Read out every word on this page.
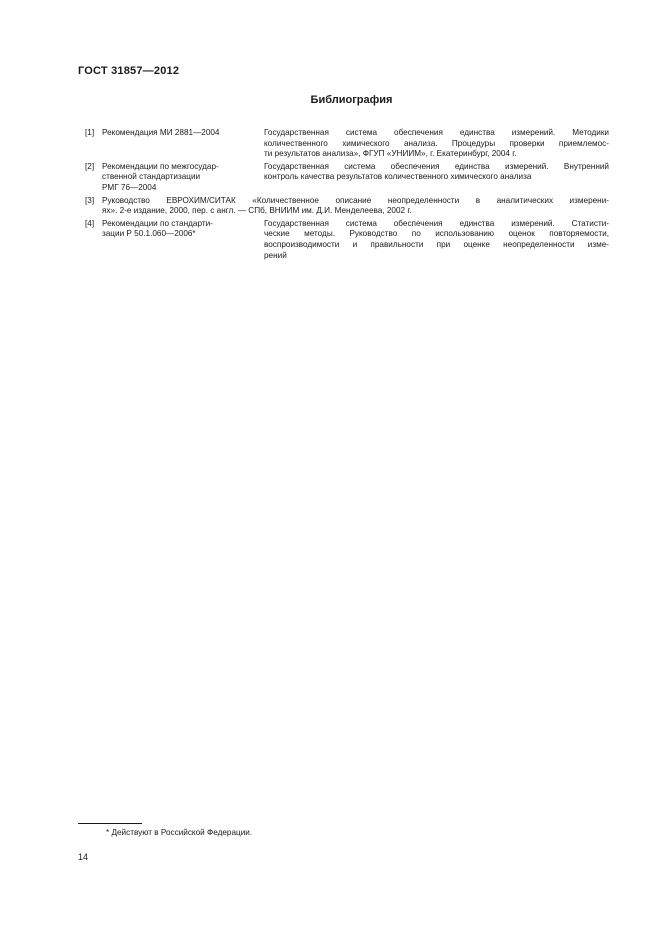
ГОСТ 31857—2012
Библиография
[1] Рекомендация МИ 2881—2004	Государственная система обеспечения единства измерений. Методики
количественного химического анализа. Процедуры проверки приемлемос-
ти результатов анализа», ФГУП «УНИИМ», г. Екатеринбург, 2004 г.
[2] Рекомендации по межгосудар-
ственной стандартизации
РМГ 76—2004
Государственная система обеспечения единства измерений. Внутренний
контроль качества результатов количественного химического анализа
[3] Руководство ЕВРОХИМ/СИТАК «Количественное описание неопределенности в аналитических измерени-
ях». 2-е издание, 2000, пер. с англ. — СПб, ВНИИМ им. Д.И. Менделеева, 2002 г.
[4] Рекомендации по стандарти-
зации Р 50.1.060—2006*
Государственная система обеспечения единства измерений. Статисти-
ческие методы. Руководство по использованию оценок повторяемости,
воспроизводимости и правильности при оценке неопределенности изме-
рений
* Действуют в Российской Федерации.
14
